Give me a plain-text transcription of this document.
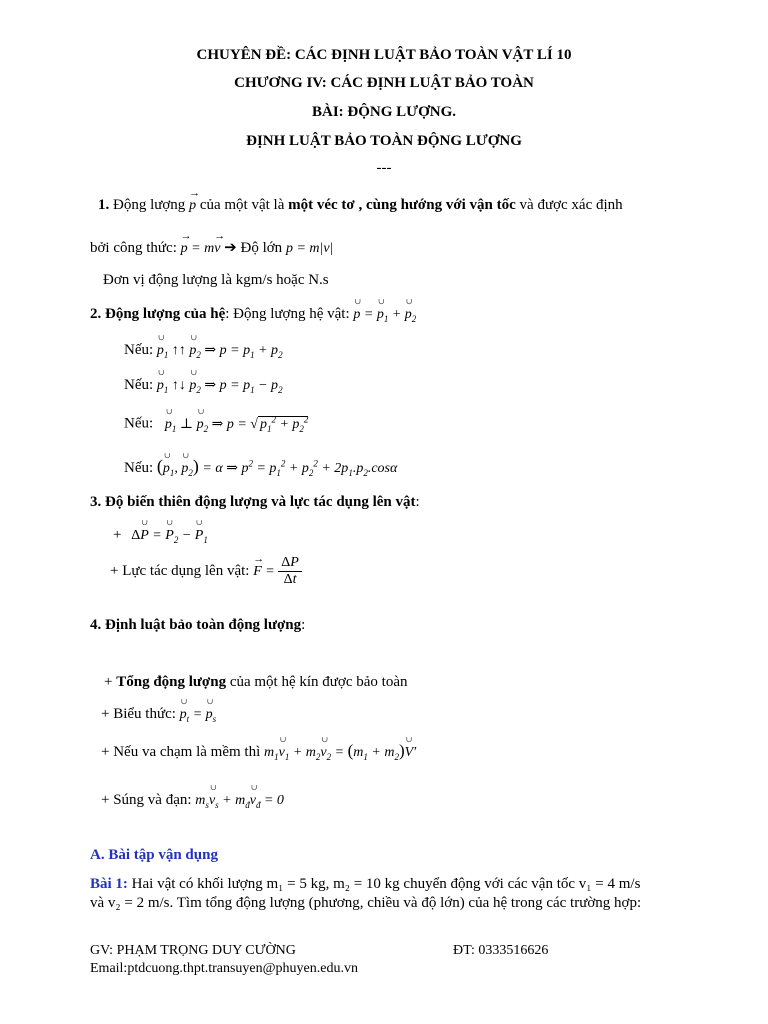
CHUYÊN ĐỀ: CÁC ĐỊNH LUẬT BẢO TOÀN VẬT LÍ 10
CHƯƠNG IV: CÁC ĐỊNH LUẬT BẢO TOÀN
BÀI: ĐỘNG LƯỢNG.
ĐỊNH LUẬT BẢO TOÀN ĐỘNG LƯỢNG
---
1. Động lượng → p của một vật là một véc tơ , cùng hướng với vận tốc và được xác định
bởi công thức: → p = m→ v ➔ Độ lớn p = m|v|
Đơn vị động lượng là kgm/s hoặc N.s
2. Động lượng của hệ: Động lượng hệ vật: ∪ p = ∪ $p_1$ + ∪ $p_2$
Nếu: ∪ $p_1$ ↑↑ ∪ $p_2$ ⇒ $p = p_1 + p_2$
Nếu: ∪ $p_1$ ↑↓ ∪ $p_2$ ⇒ $p = p_1 - p_2$
Nếu: ∪ $p_1$ ⊥ ∪ $p_2$ ⇒ p = √ $p_1^2 + p_2^2$
Nếu: (∪ $p_1$, ∪ $p_2) = \alpha$ ⇒ $p^2 = p_1^2 + p_2^2 + 2p_1.p_2.\cos\alpha$
3. Độ biến thiên động lượng và lực tác dụng lên vật:
+ Δ∪ P = ∪ $P_2$ − ∪ $P_1$
+ Lực tác dụng lên vật: → $F = \frac{\Delta P}{\Delta t}$
4. Định luật bảo toàn động lượng:
+ Tổng động lượng của một hệ kín được bảo toàn
+ Biểu thức: ∪ $p_t$ = ∪ $p_s$
+ Nếu va chạm là mềm thì $m_1\cup$ $v_1$ + $m_2\cup$ $v_2 = (m_1$ + $m_2)\cup$ V′
+ Súng và đạn: $m_s\cup$ $v_s$ + $m_đ\cup$ $v_đ = 0$
A. Bài tập vận dụng
Bài 1: Hai vật có khối lượng m₁ = 5 kg, m₂ = 10 kg chuyển động với các vận tốc v₁ = 4 m/s
và v₂ = 2 m/s. Tìm tổng động lượng (phương, chiều và độ lớn) của hệ trong các trường hợp:
GV: PHẠM TRỌNG DUY CƯỜNG	ĐT: 0333516626
Email:ptdcuong.thpt.transuyen@phuyen.edu.vn
